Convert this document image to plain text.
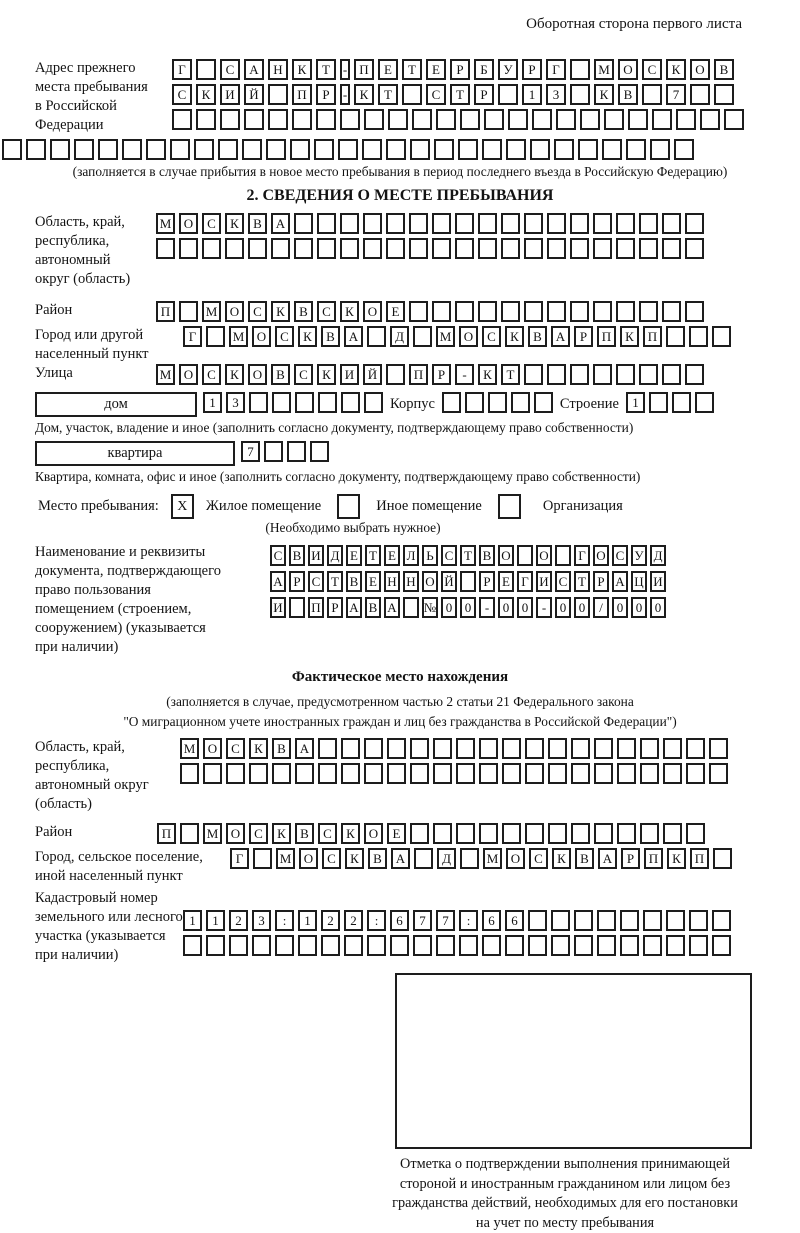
Оборотная сторона первого листа
Адрес прежнего
места пребывания
в Российской
Федерации
Г	С	А	Н	К	Т - П	Е	Т	Е	Р	Б	У	Р	Г	М	О	С	К	О	В
С	К	И	Й	П	Р	- К	Т	С	Т	Р	1	3	К	В	7
(заполняется в случае прибытия в новое место пребывания в период последнего въезда в Российскую Федерацию)
2. СВЕДЕНИЯ О МЕСТЕ ПРЕБЫВАНИЯ
Область, край,
республика,
автономный
округ (область)
М О	С	К	В	А
Район	П	М О	С	К	В	С	К	О	Е
Город или другой
населенный пункт
Г	М О	С	К	В	А	Д	М О	С	К	В	А	Р	П	К	П
Улица	М О	С	К	О	В	С	К	И	Й	П	Р	-	К	Т
дом	1	3	Корпус	Строение	1
Дом, участок, владение и иное (заполнить согласно документу, подтверждающему право собственности)
квартира	7
Квартира, комната, офис и иное (заполнить согласно документу, подтверждающему право собственности)
Место пребывания:	X	Жилое помещение	Иное помещение	Организация
(Необходимо выбрать нужное)
Наименование и реквизиты
документа, подтверждающего
право пользования
помещением (строением,
сооружением) (указывается
при наличии)
С В И Д Е Т Е Л Ь С Т В О О	Г О С У Д
А Р С Т В Е Н Н О Й	Р Е Г И С Т Р А Ц И
И П Р А В А № 0 0	-	0 0	-	0 0	/	0 0 0
Фактическое место нахождения
(заполняется в случае, предусмотренном частью 2 статьи 21 Федерального закона
"О миграционном учете иностранных граждан и лиц без гражданства в Российской Федерации")
Область, край,
республика,
автономный округ
(область)
М О	С	К	В	А
Район	П	М О	С	К	В	С	К	О	Е
Город, сельское поселение,
иной населенный пункт
Г	М О	С	К	В	А	Д	М О	С	К	В	А	Р	П	К	П
Кадастровый номер
земельного или лесного
участка (указывается
при наличии)
1	1	2	3	:	1	2	2	:	6	7	7	:	6	6
Отметка о подтверждении выполнения принимающей
стороной и иностранным гражданином или лицом без
гражданства действий, необходимых для его постановки
на учет по месту пребывания
